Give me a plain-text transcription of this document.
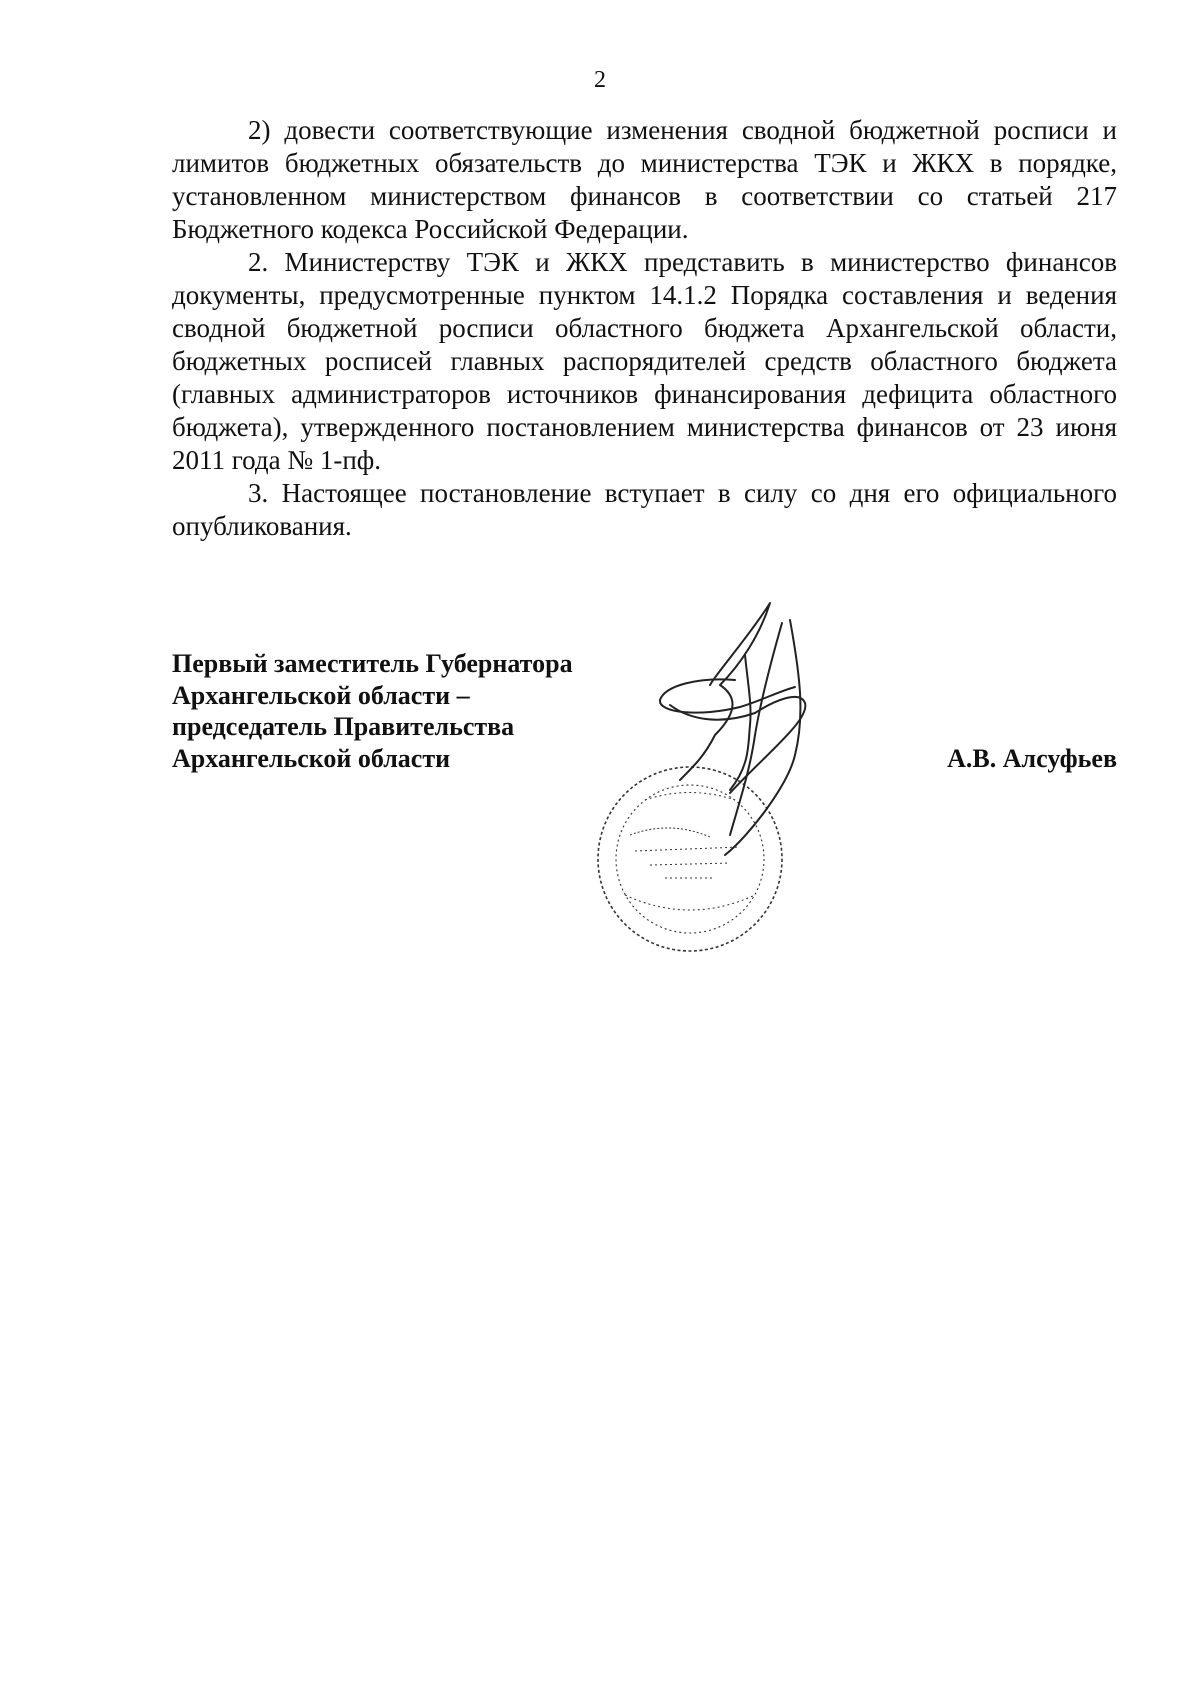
2

2) довести соответствующие изменения сводной бюджетной росписи и лимитов бюджетных обязательств до министерства ТЭК и ЖКХ в порядке, установленном министерством финансов в соответствии со статьей 217 Бюджетного кодекса Российской Федерации.

2. Министерству ТЭК и ЖКХ представить в министерство финансов документы, предусмотренные пунктом 14.1.2 Порядка составления и ведения сводной бюджетной росписи областного бюджета Архангельской области, бюджетных росписей главных распорядителей средств областного бюджета (главных администраторов источников финансирования дефицита областного бюджета), утвержденного постановлением министерства финансов от 23 июня 2011 года № 1-пф.

3. Настоящее постановление вступает в силу со дня его официального опубликования.

Первый заместитель Губернатора
Архангельской области –
председатель Правительства
Архангельской области	А.В. Алсуфьев
